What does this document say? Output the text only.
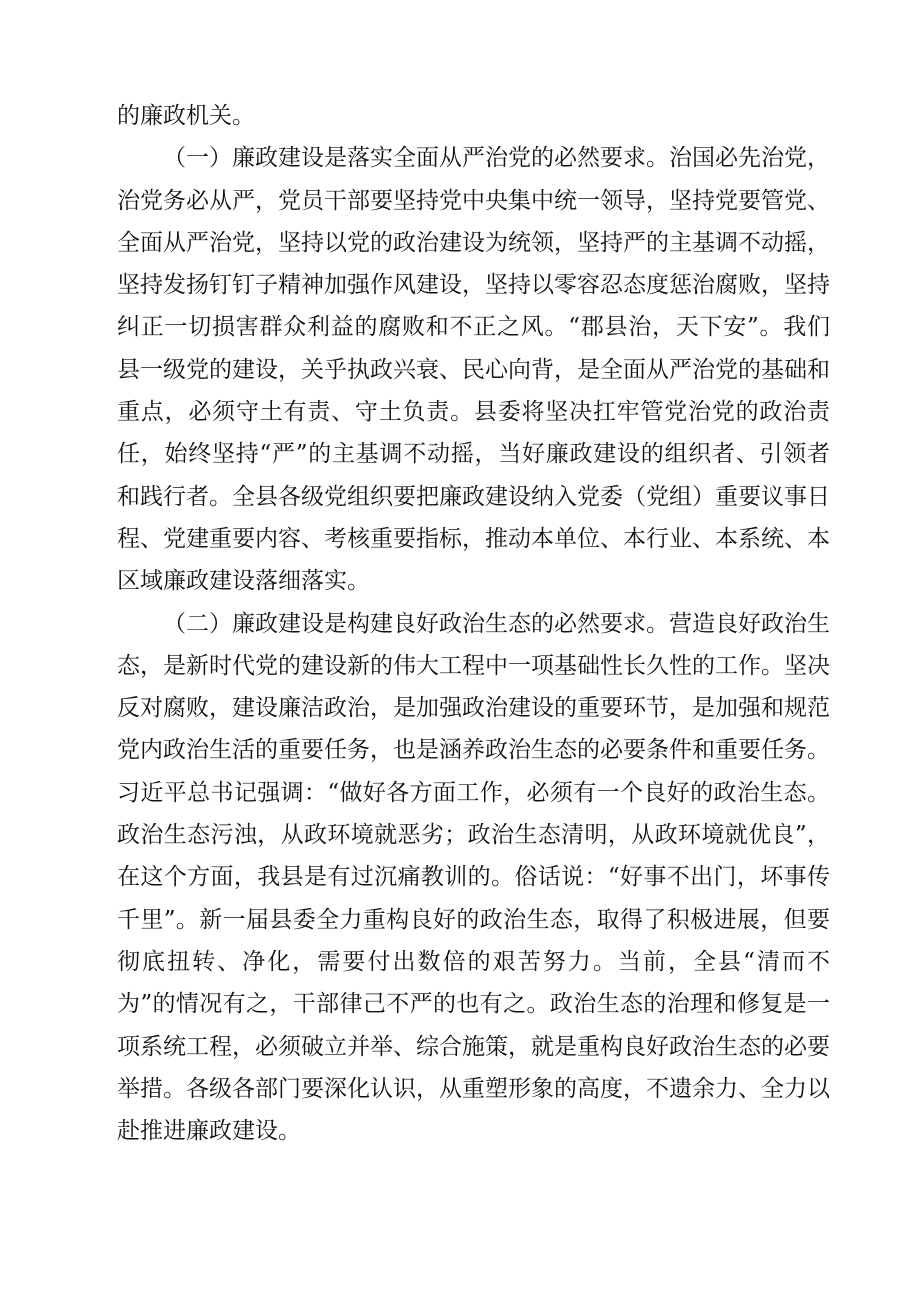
的廉政机关。

（一）廉政建设是落实全面从严治党的必然要求。治国必先治党，治党务必从严，党员干部要坚持党中央集中统一领导，坚持党要管党、全面从严治党，坚持以党的政治建设为统领，坚持严的主基调不动摇，坚持发扬钉钉子精神加强作风建设，坚持以零容忍态度惩治腐败，坚持纠正一切损害群众利益的腐败和不正之风。“郡县治，天下安”。我们县一级党的建设，关乎执政兴衰、民心向背，是全面从严治党的基础和重点，必须守土有责、守土负责。县委将坚决扛牢管党治党的政治责任，始终坚持“严”的主基调不动摇，当好廉政建设的组织者、引领者和践行者。全县各级党组织要把廉政建设纳入党委（党组）重要议事日程、党建重要内容、考核重要指标，推动本单位、本行业、本系统、本区域廉政建设落细落实。

（二）廉政建设是构建良好政治生态的必然要求。营造良好政治生态，是新时代党的建设新的伟大工程中一项基础性长久性的工作。坚决反对腐败，建设廉洁政治，是加强政治建设的重要环节，是加强和规范党内政治生活的重要任务，也是涵养政治生态的必要条件和重要任务。习近平总书记强调：“做好各方面工作，必须有一个良好的政治生态。政治生态污浊，从政环境就恶劣；政治生态清明，从政环境就优良”，在这个方面，我县是有过沉痛教训的。俗话说：“好事不出门，坏事传千里”。新一届县委全力重构良好的政治生态，取得了积极进展，但要彻底扭转、净化，需要付出数倍的艰苦努力。当前，全县“清而不为”的情况有之，干部律己不严的也有之。政治生态的治理和修复是一项系统工程，必须破立并举、综合施策，就是重构良好政治生态的必要举措。各级各部门要深化认识，从重塑形象的高度，不遗余力、全力以赴推进廉政建设。
